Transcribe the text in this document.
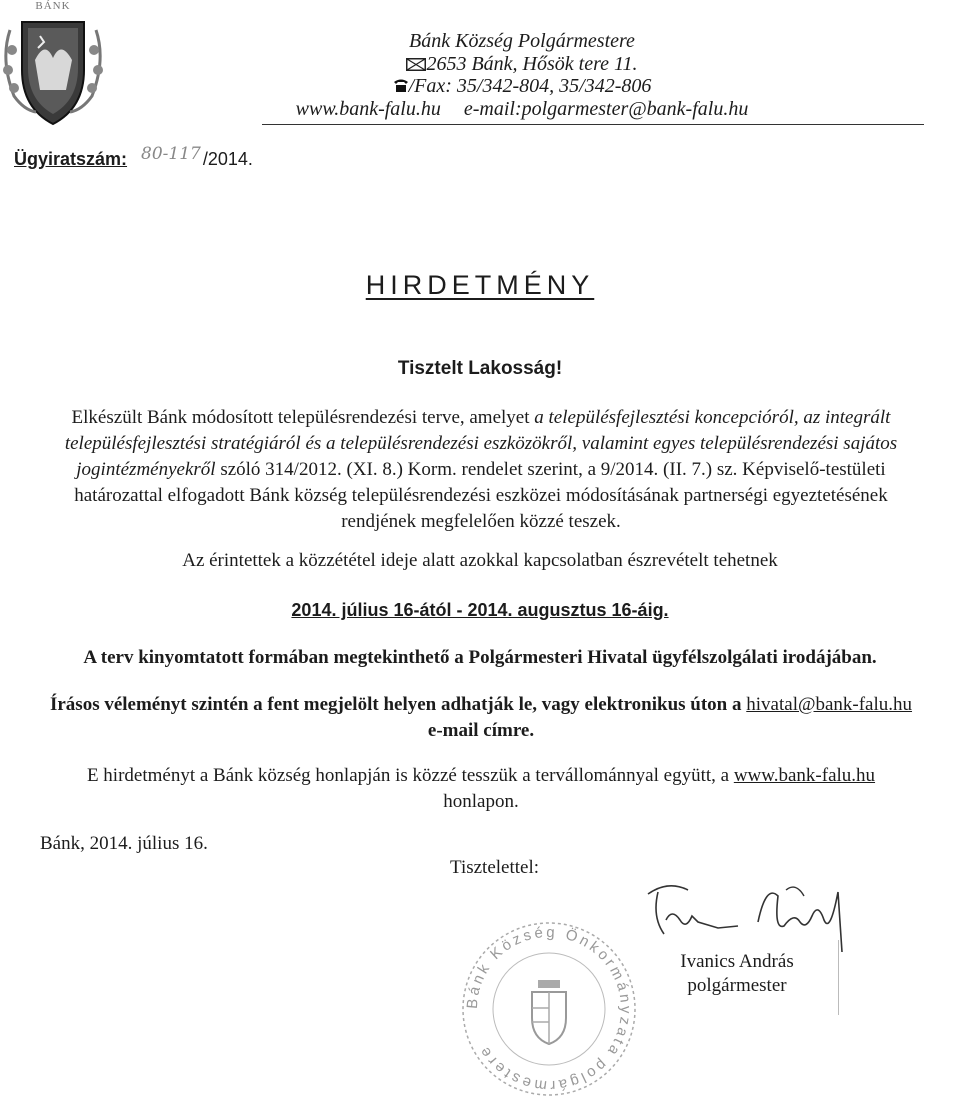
BÁNK
Bánk Község Polgármestere
2653 Bánk, Hősök tere 11.
/Fax: 35/342-804, 35/342-806
www.bank-falu.hu e-mail:polgarmester@bank-falu.hu
Ügyiratszám: $^{80-117}$ /2014.
HIRDETMÉNY
Tisztelt Lakosság!
Elkészült Bánk módosított településrendezési terve, amelyet a településfejlesztési koncepcióról, az integrált településfejlesztési stratégiáról és a településrendezési eszközökről, valamint egyes településrendezési sajátos jogintézményekről szóló 314/2012. (XI. 8.) Korm. rendelet szerint, a 9/2014. (II. 7.) sz. Képviselő-testületi határozattal elfogadott Bánk község településrendezési eszközei módosításának partnerségi egyeztetésének rendjének megfelelően közzé teszek.
Az érintettek a közzététel ideje alatt azokkal kapcsolatban észrevételt tehetnek
2014. július 16-ától - 2014. augusztus 16-áig.
A terv kinyomtatott formában megtekinthető a Polgármesteri Hivatal ügyfélszolgálati irodájában.
Írásos véleményt szintén a fent megjelölt helyen adhatják le, vagy elektronikus úton a hivatal@bank-falu.hu e-mail címre.
E hirdetményt a Bánk község honlapján is közzé tesszük a tervállománnyal együtt, a www.bank-falu.hu honlapon.
Bánk, 2014. július 16.
Tisztelettel:
Bánk Község Önkormányzata polgármestere
Ivanics András
polgármester
